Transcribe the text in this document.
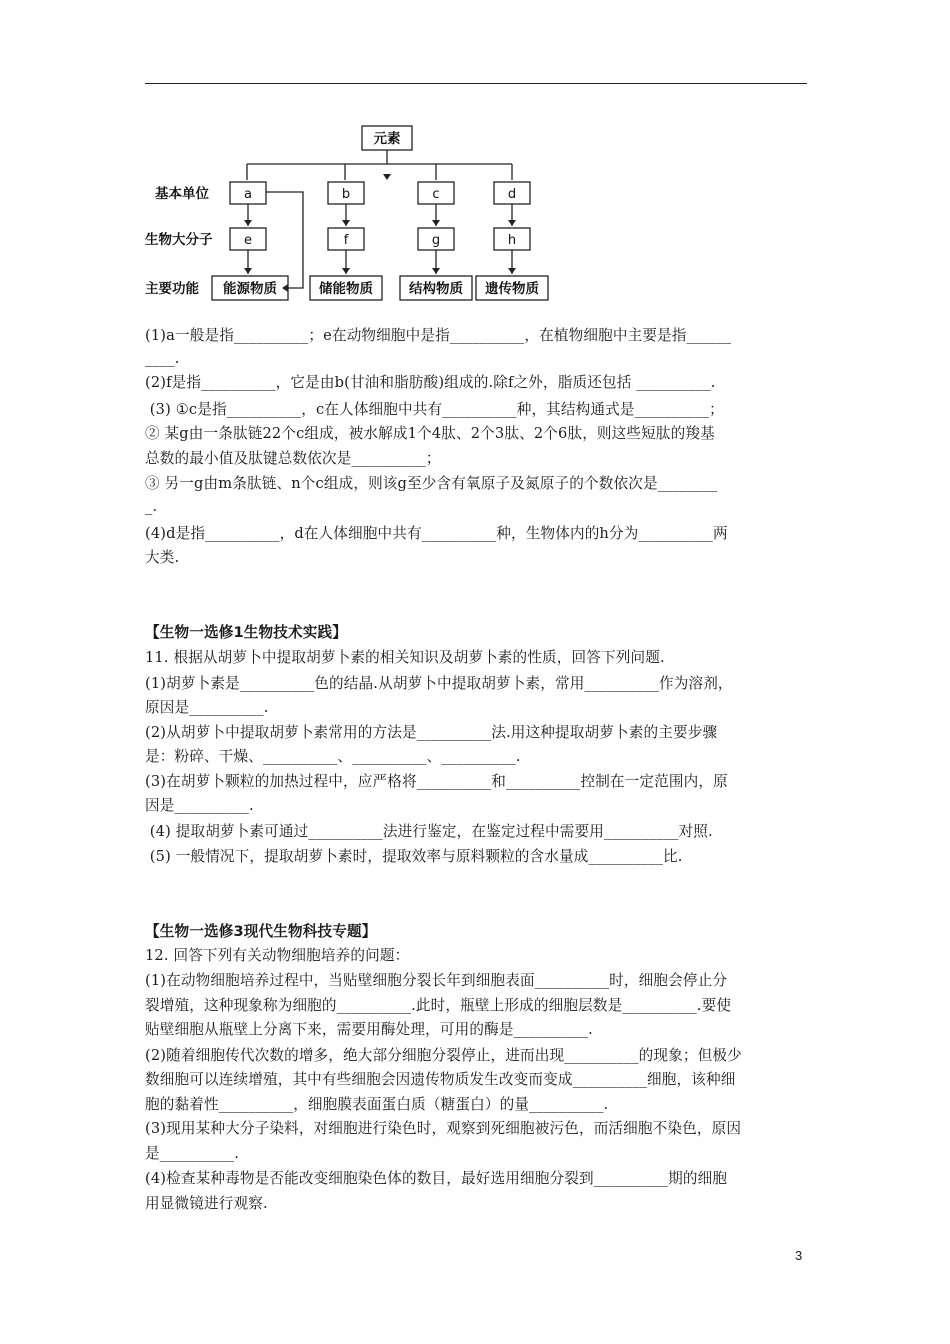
元素
基本单位
生物大分子
主要功能
a	b	c	d
e	f	g	h
能源物质	储能物质	结构物质 遗传物质
(1)a一般是指__________；e在动物细胞中是指__________，在植物细胞中主要是指______
____.
(2)f是指__________，它是由b(甘油和脂肪酸)组成的.除f之外，脂质还包括 __________.
(3) ①c是指__________，c在人体细胞中共有__________种，其结构通式是__________；
② 某g由一条肽链22个c组成，被水解成1个4肽、2个3肽、2个6肽，则这些短肽的羧基
总数的最小值及肽键总数依次是__________；
③ 另一g由m条肽链、n个c组成，则该g至少含有氧原子及氮原子的个数依次是________
_.
(4)d是指__________，d在人体细胞中共有__________种，生物体内的h分为__________两
大类.
【生物一选修1生物技术实践】
11. 根据从胡萝卜中提取胡萝卜素的相关知识及胡萝卜素的性质，回答下列问题.
(1)胡萝卜素是__________色的结晶.从胡萝卜中提取胡萝卜素，常用__________作为溶剂，
原因是__________.
(2)从胡萝卜中提取胡萝卜素常用的方法是__________法.用这种提取胡萝卜素的主要步骤
是：粉碎、干燥、__________、__________、__________.
(3)在胡萝卜颗粒的加热过程中，应严格将__________和__________控制在一定范围内，原
因是__________.
(4) 提取胡萝卜素可通过__________法进行鉴定，在鉴定过程中需要用__________对照.
(5) 一般情况下，提取胡萝卜素时，提取效率与原料颗粒的含水量成__________比.
【生物一选修3现代生物科技专题】
12. 回答下列有关动物细胞培养的问题：
(1)在动物细胞培养过程中，当贴壁细胞分裂长年到细胞表面__________时，细胞会停止分
裂增殖，这种现象称为细胞的__________.此时，瓶壁上形成的细胞层数是__________.要使
贴壁细胞从瓶壁上分离下来，需要用酶处理，可用的酶是__________.
(2)随着细胞传代次数的增多，绝大部分细胞分裂停止，进而出现__________的现象；但极少
数细胞可以连续增殖，其中有些细胞会因遗传物质发生改变而变成__________细胞，该种细
胞的黏着性__________，细胞膜表面蛋白质（糖蛋白）的量__________.
(3)现用某种大分子染料，对细胞进行染色时，观察到死细胞被污色，而活细胞不染色，原因
是__________.
(4)检查某种毒物是否能改变细胞染色体的数目，最好选用细胞分裂到__________期的细胞
用显微镜进行观察.
3
